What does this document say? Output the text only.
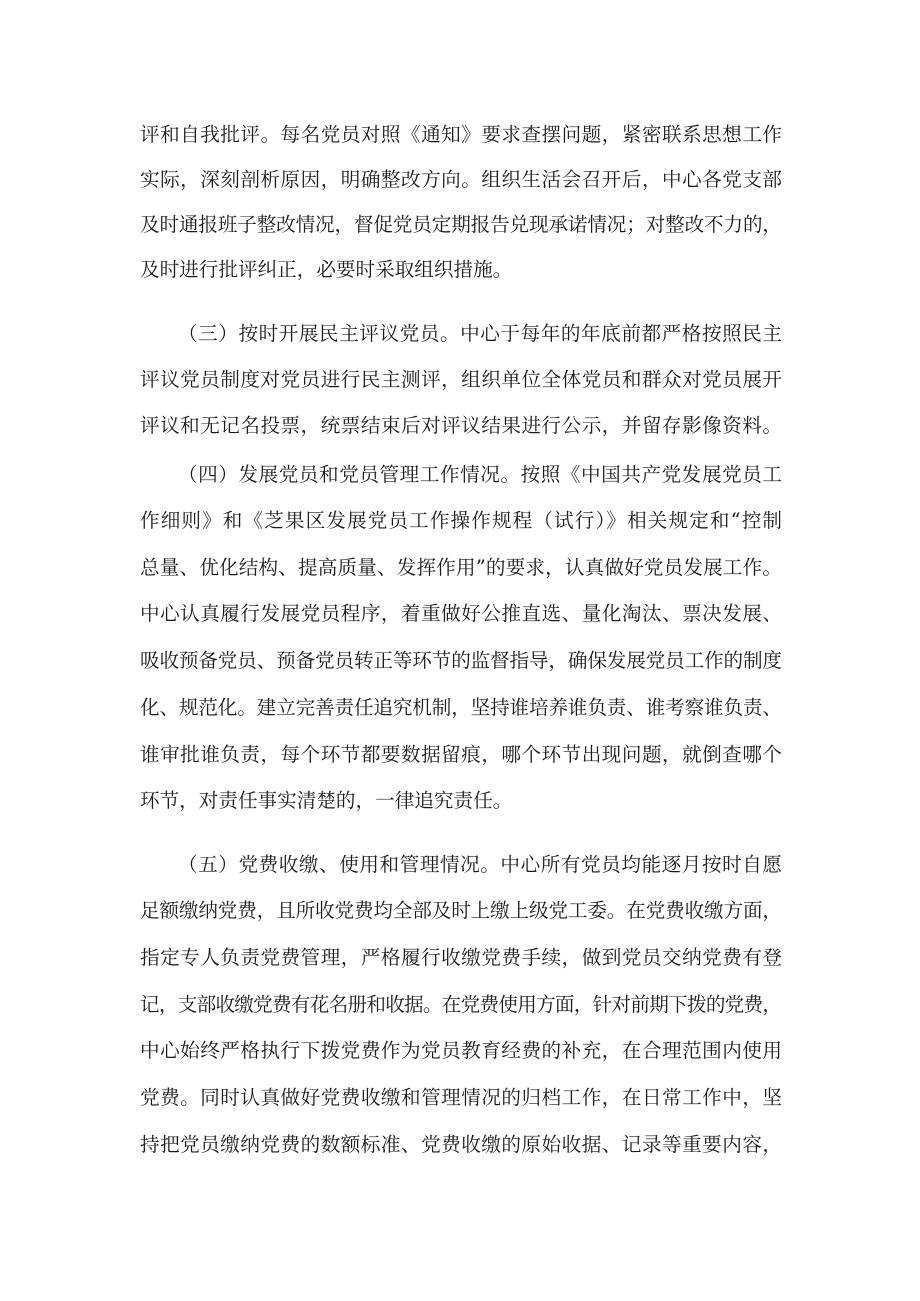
评和自我批评。每名党员对照《通知》要求查摆问题，紧密联系思想工作
实际，深刻剖析原因，明确整改方向。组织生活会召开后，中心各党支部
及时通报班子整改情况，督促党员定期报告兑现承诺情况；对整改不力的，
及时进行批评纠正，必要时采取组织措施。
（三）按时开展民主评议党员。中心于每年的年底前都严格按照民主
评议党员制度对党员进行民主测评，组织单位全体党员和群众对党员展开
评议和无记名投票，统票结束后对评议结果进行公示，并留存影像资料。
（四）发展党员和党员管理工作情况。按照《中国共产党发展党员工
作细则》和《芝果区发展党员工作操作规程（试行）》相关规定和“控制
总量、优化结构、提高质量、发挥作用”的要求，认真做好党员发展工作。
中心认真履行发展党员程序，着重做好公推直选、量化淘汰、票决发展、
吸收预备党员、预备党员转正等环节的监督指导，确保发展党员工作的制度
化、规范化。建立完善责任追究机制，坚持谁培养谁负责、谁考察谁负责、
谁审批谁负责，每个环节都要数据留痕，哪个环节出现问题，就倒查哪个
环节，对责任事实清楚的，一律追究责任。
（五）党费收缴、使用和管理情况。中心所有党员均能逐月按时自愿
足额缴纳党费，且所收党费均全部及时上缴上级党工委。在党费收缴方面，
指定专人负责党费管理，严格履行收缴党费手续，做到党员交纳党费有登
记，支部收缴党费有花名册和收据。在党费使用方面，针对前期下拨的党费，
中心始终严格执行下拨党费作为党员教育经费的补充，在合理范围内使用
党费。同时认真做好党费收缴和管理情况的归档工作，在日常工作中，坚
持把党员缴纳党费的数额标准、党费收缴的原始收据、记录等重要内容，
